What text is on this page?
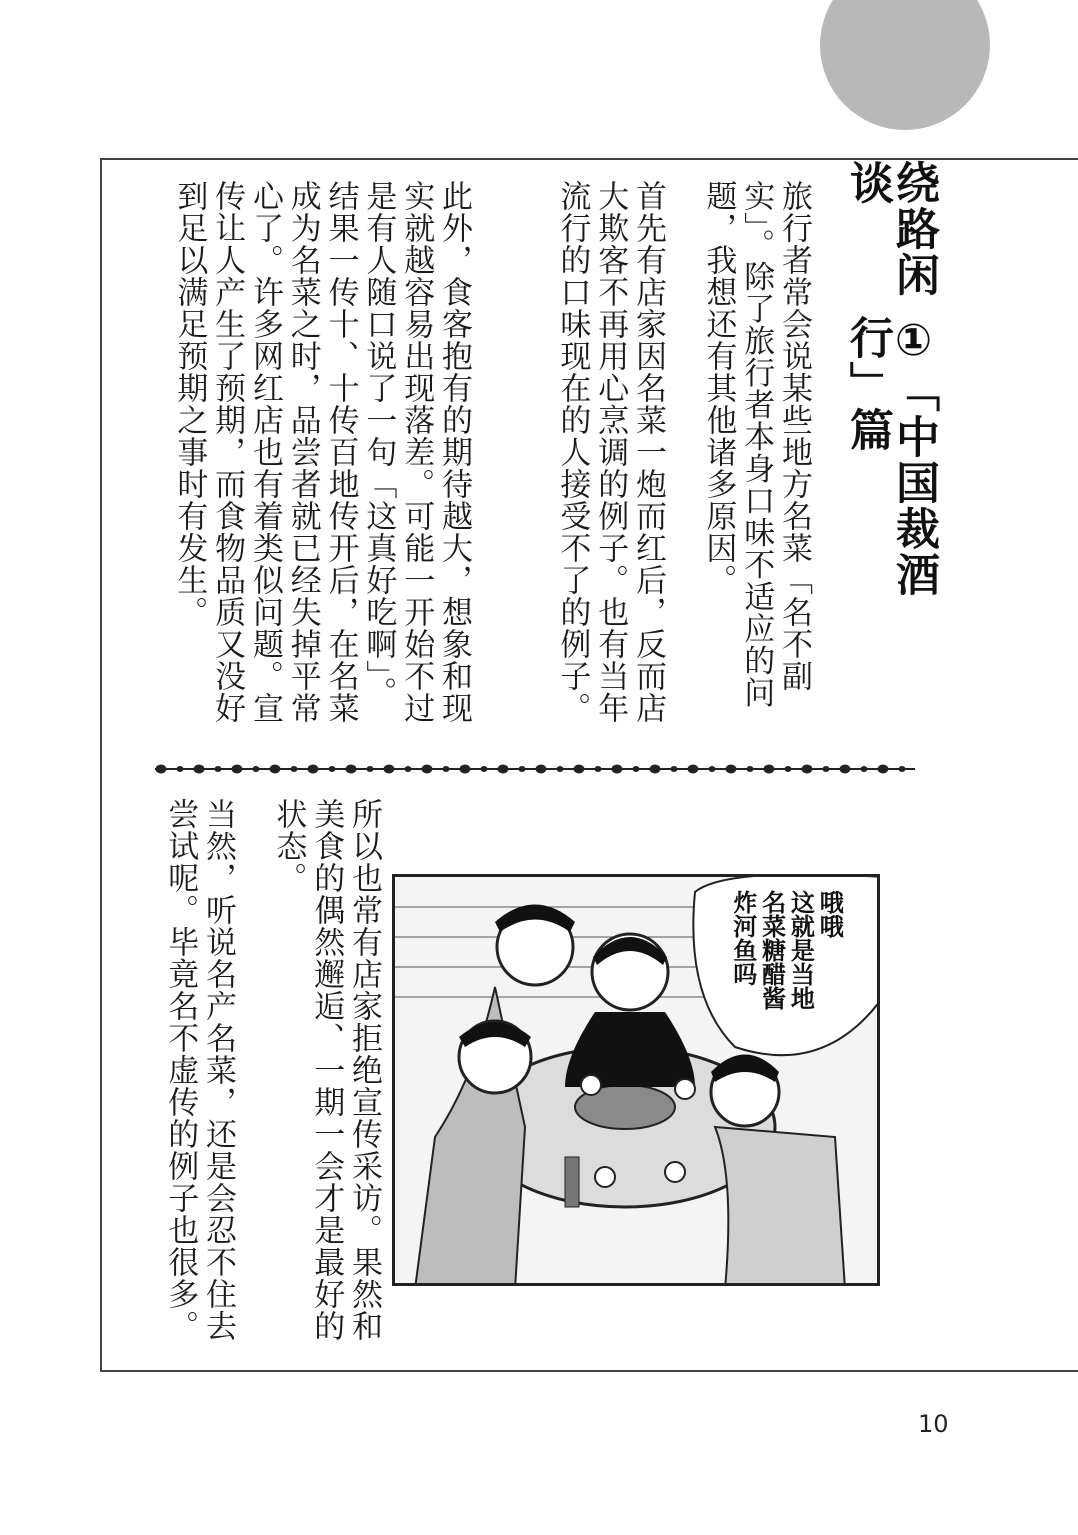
绕路闲谈
①「中国裁酒行」篇

旅行者常会说某些地方名菜「名不副实」。除了旅行者本身口味不适应的问题，我想还有其他诸多原因。

首先有店家因名菜一炮而红后，反而店大欺客不再用心烹调的例子。也有当年流行的口味现在的人接受不了的例子。

此外，食客抱有的期待越大，想象和现实就越容易出现落差。可能一开始不过是有人随口说了一句「这真好吃啊」。结果一传十、十传百地传开后，在名菜成为名菜之时，品尝者就已经失掉平常心了。许多网红店也有着类似问题。宣传让人产生了预期，而食物品质又没好到足以满足预期之事时有发生。

所以也常有店家拒绝宣传采访。果然和美食的偶然邂逅、一期一会才是最好的状态。

当然，听说名产名菜，还是会忍不住去尝试呢。毕竟名不虚传的例子也很多。	哦哦
这就是当地
名菜糖醋酱
炸河鱼吗
10
